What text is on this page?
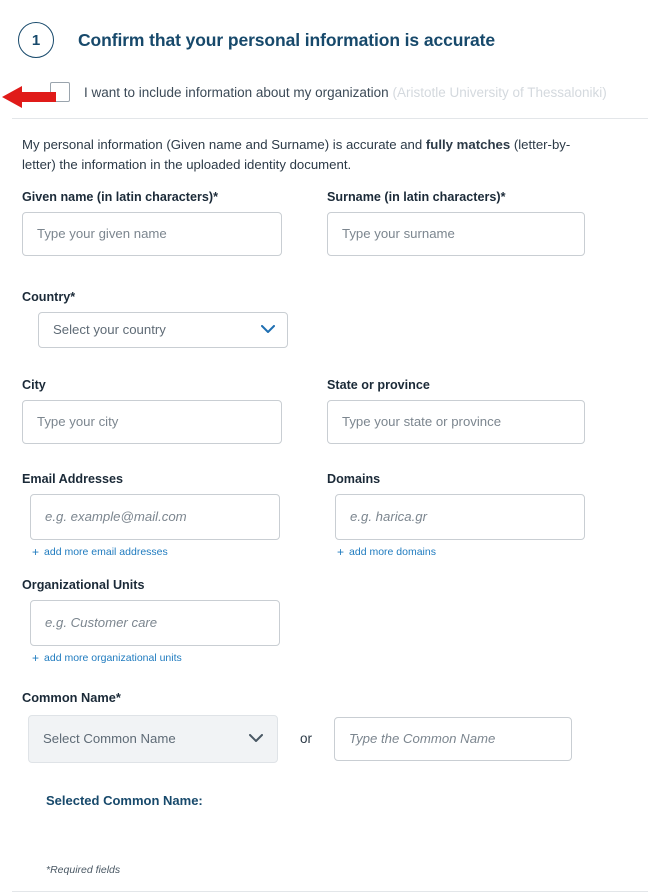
1	Confirm that your personal information is accurate
I want to include information about my organization (Aristotle University of Thessaloniki)
My personal information (Given name and Surname) is accurate and fully matches (letter-by-letter) the information in the uploaded identity document.
Given name (in latin characters)*
Type your given name
Surname (in latin characters)*
Type your surname
Country*
Select your country
City
Type your city
State or province
Type your state or province
Email Addresses
e.g. example@mail.com
+ add more email addresses
Domains
e.g. harica.gr
+ add more domains
Organizational Units
e.g. Customer care
+ add more organizational units
Common Name*
Select Common Name	or	Type the Common Name
Selected Common Name:
*Required fields
